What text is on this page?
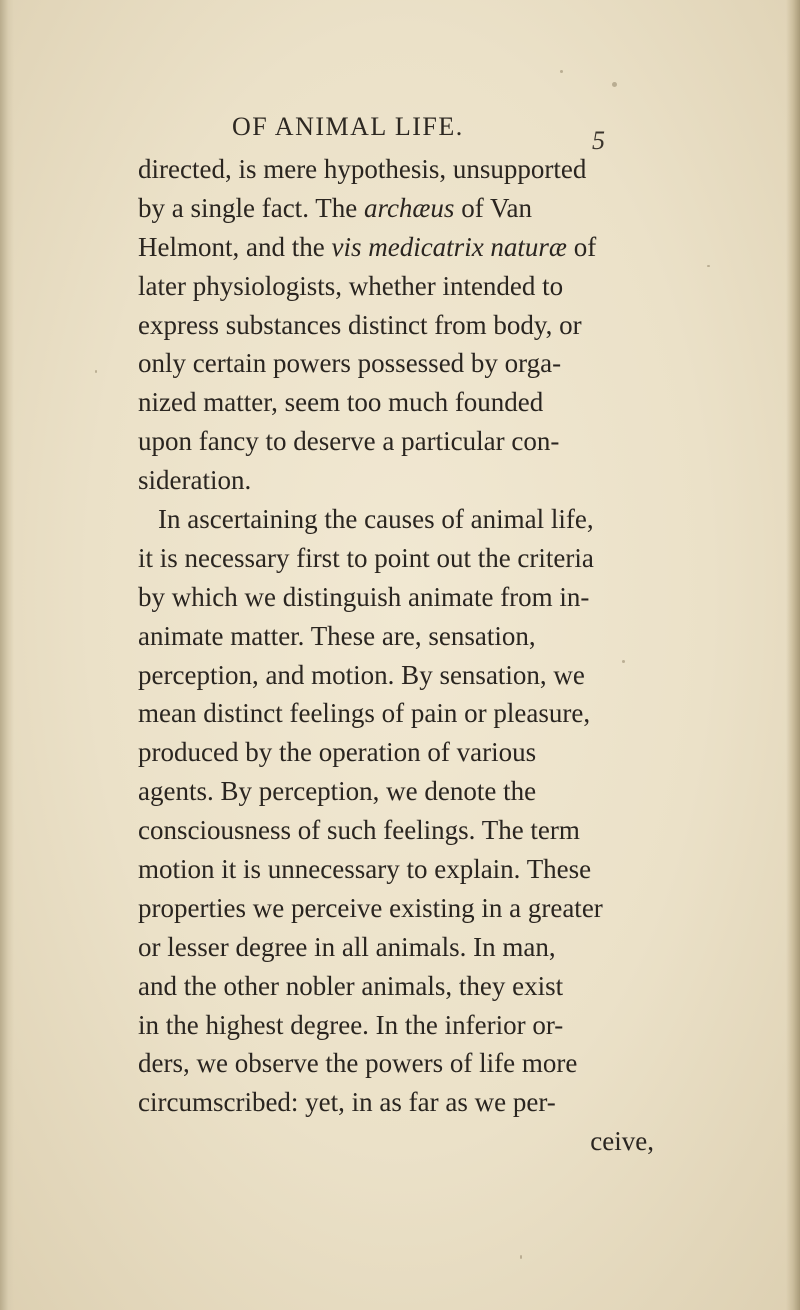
OF ANIMAL LIFE.	5
directed, is mere hypothesis, unsupported
by a single fact. The archæus of Van
Helmont, and the vis medicatrix naturæ of
later physiologists, whether intended to
express substances distinct from body, or
only certain powers possessed by orga-
nized matter, seem too much founded
upon fancy to deserve a particular con-
sideration.
In ascertaining the causes of animal life,
it is necessary first to point out the criteria
by which we distinguish animate from in-
animate matter. These are, sensation,
perception, and motion. By sensation, we
mean distinct feelings of pain or pleasure,
produced by the operation of various
agents. By perception, we denote the
consciousness of such feelings. The term
motion it is unnecessary to explain. These
properties we perceive existing in a greater
or lesser degree in all animals. In man,
and the other nobler animals, they exist
in the highest degree. In the inferior or-
ders, we observe the powers of life more
circumscribed: yet, in as far as we per-
ceive,
